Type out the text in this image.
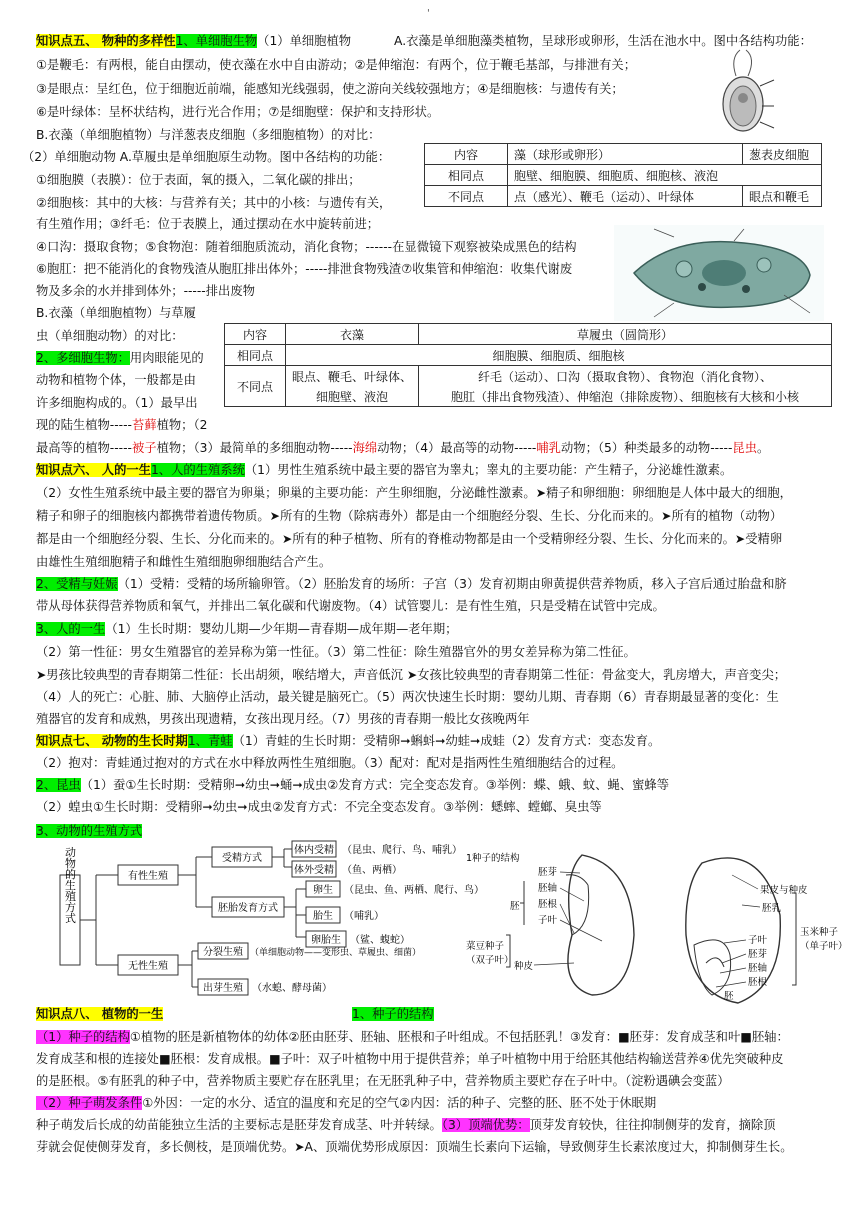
'
知识点五、 物种的多样性1、单细胞生物（1）单细胞植物	A.衣藻是单细胞藻类植物，呈球形或卵形，生活在池水中。图中各结构功能：
①是鞭毛：有两根，能自由摆动，使衣藻在水中自由游动；②是伸缩泡：有两个，位于鞭毛基部，与排泄有关；
③是眼点：呈红色，位于细胞近前端，能感知光线强弱，使之游向关线较强地方；④是细胞核：与遗传有关；
⑥是叶绿体：呈杯状结构，进行光合作用；⑦是细胞壁：保护和支持形状。
B.衣藻（单细胞植物）与洋葱表皮细胞（多细胞植物）的对比：
（2）单细胞动物 A.草履虫是单细胞原生动物。图中各结构的功能：
①细胞膜（表膜）：位于表面，氧的摄入，二氧化碳的排出；
②细胞核：其中的大核：与营养有关；其中的小核：与遗传有关，
有生殖作用；③纤毛：位于表膜上，通过摆动在水中旋转前进；
④口沟：摄取食物；⑤食物泡：随着细胞质流动，消化食物；------在显微镜下观察被染成黑色的结构
⑥胞肛：把不能消化的食物残渣从胞肛排出体外；-----排泄食物残渣⑦收集管和伸缩泡：收集代谢废
物及多余的水并排到体外；-----排出废物
B.衣藻（单细胞植物）与草履
虫（单细胞动物）的对比：
2、多细胞生物：用肉眼能见的
动物和植物个体，一般都是由
许多细胞构成的。（1）最早出
现的陆生植物-----苔藓植物；（2
最高等的植物-----被子植物；（3）最简单的多细胞动物-----海绵动物；（4）最高等的动物-----哺乳动物；（5）种类最多的动物-----昆虫。
内容	藻（球形或卵形）	葱表皮细胞
相同点	胞壁、细胞膜、细胞质、细胞核、液泡	
不同点	点（感光）、鞭毛（运动）、叶绿体	眼点和鞭毛
内容	衣藻	草履虫（圆筒形）
相同点	细胞膜、细胞质、细胞核	
不同点	眼点、鞭毛、叶绿体、	纤毛（运动）、口沟（摄取食物）、食物泡（消化食物）、
	细胞壁、液泡	胞肛（排出食物残渣）、伸缩泡（排除废物）、细胞核有大核和小核
知识点六、 人的一生1、人的生殖系统（1）男性生殖系统中最主要的器官为睾丸；睾丸的主要功能：产生精子，分泌雄性激素。
（2）女性生殖系统中最主要的器官为卵巢；卵巢的主要功能：产生卵细胞，分泌雌性激素。➤精子和卵细胞：卵细胞是人体中最大的细胞，
精子和卵子的细胞核内都携带着遗传物质。➤所有的生物（除病毒外）都是由一个细胞经分裂、生长、分化而来的。➤所有的植物（动物）
都是由一个细胞经分裂、生长、分化而来的。➤所有的种子植物、所有的脊椎动物都是由一个受精卵经分裂、生长、分化而来的。➤受精卵
由雄性生殖细胞精子和雌性生殖细胞卵细胞结合产生。
2、受精与妊娠（1）受精：受精的场所输卵管。（2）胚胎发育的场所：子宫（3）发育初期由卵黄提供营养物质，移入子宫后通过胎盘和脐
带从母体获得营养物质和氧气，并排出二氧化碳和代谢废物。（4）试管婴儿：是有性生殖，只是受精在试管中完成。
3、人的一生（1）生长时期：婴幼儿期—少年期—青春期—成年期—老年期；
（2）第一性征：男女生殖器官的差异称为第一性征。（3）第二性征：除生殖器官外的男女差异称为第二性征。
➤男孩比较典型的青春期第二性征：长出胡须，喉结增大，声音低沉 ➤女孩比较典型的青春期第二性征：骨盆变大，乳房增大，声音变尖；
（4）人的死亡：心脏、肺、大脑停止活动，最关键是脑死亡。（5）两次快速生长时期：婴幼儿期、青春期（6）青春期最显著的变化：生
殖器官的发育和成熟，男孩出现遗精，女孩出现月经。（7）男孩的青春期一般比女孩晚两年
知识点七、 动物的生长时期1、青蛙（1）青蛙的生长时期：受精卵➞蝌蚪➞幼蛙➞成蛙（2）发育方式：变态发育。
（2）抱对：青蛙通过抱对的方式在水中释放两性生殖细胞。（3）配对：配对是指两性生殖细胞结合的过程。
2、昆虫（1）蚕①生长时期：受精卵➞幼虫➞蛹➞成虫②发育方式：完全变态发育。③举例：蝶、蛾、蚊、蝇、蜜蜂等
（2）蝗虫①生长时期：受精卵➞幼虫➞成虫②发育方式：不完全变态发育。③举例：蟋蟀、螳螂、臭虫等
3、动物的生殖方式
动物的生殖方式	有性生殖
无性生殖
受精方式
体内受精 （昆虫、爬行、鸟、哺乳）
体外受精 （鱼、两栖）
胚胎发育方式
卵生 （昆虫、鱼、两栖、爬行、鸟）
胎生 （哺乳）
卵胎生 （鲨、蝮蛇）
分裂生殖 （单细胞动物——变形虫、草履虫、细菌）
出芽生殖 （水螅、酵母菌）
1种子的结构
胚芽
胚轴
胚根
子叶
胚
菜豆种子
（双子叶）
种皮
果皮与种皮
胚乳
子叶
胚芽
胚轴
胚根
胚
玉米种子
（单子叶）
知识点八、 植物的一生	1、种子的结构
（1）种子的结构①植物的胚是新植物体的幼体②胚由胚芽、胚轴、胚根和子叶组成。不包括胚乳！③发育：■胚芽：发育成茎和叶■胚轴：
发育成茎和根的连接处■胚根：发育成根。■子叶：双子叶植物中用于提供营养；单子叶植物中用于给胚其他结构输送营养④优先突破种皮
的是胚根。⑤有胚乳的种子中，营养物质主要贮存在胚乳里；在无胚乳种子中，营养物质主要贮存在子叶中。（淀粉遇碘会变蓝）
（2）种子萌发条件①外因：一定的水分、适宜的温度和充足的空气②内因：活的种子、完整的胚、胚不处于休眠期
种子萌发后长成的幼苗能独立生活的主要标志是胚芽发育成茎、叶并转绿。（3）顶端优势：顶芽发育较快，往往抑制侧芽的发育，摘除顶
芽就会促使侧芽发育，多长侧枝，是顶端优势。➤A、顶端优势形成原因：顶端生长素向下运输，导致侧芽生长素浓度过大，抑制侧芽生长。
